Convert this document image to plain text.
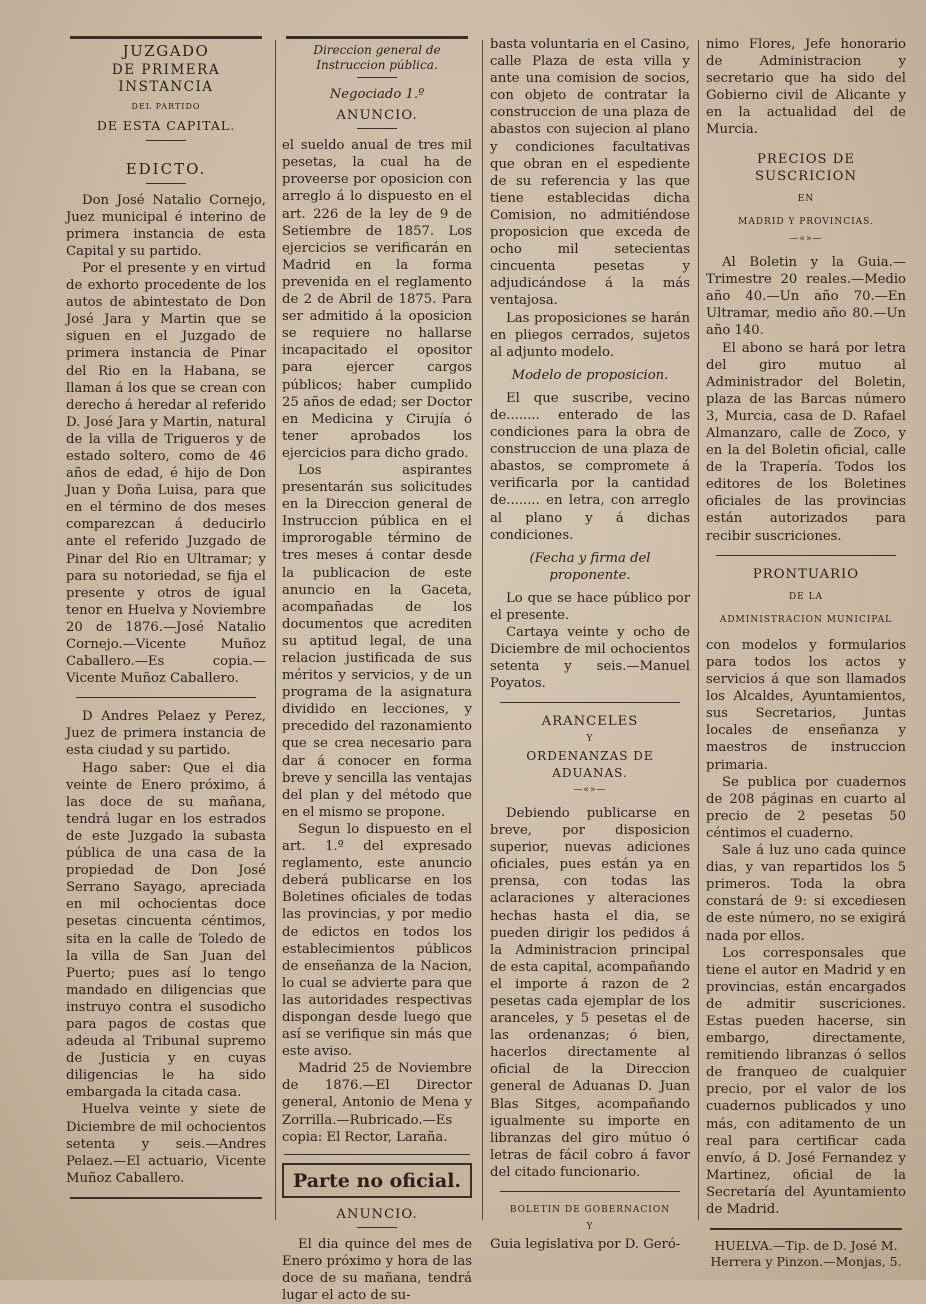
JUZGADO
DE PRIMERA INSTANCIA
DEL PARTIDO
DE ESTA CAPITAL.
EDICTO.

Don José Natalio Cornejo, Juez municipal é interino de primera instancia de esta Capital y su partido.

Por el presente y en virtud de exhorto procedente de los autos de abintestato de Don José Jara y Martin que se siguen en el Juzgado de primera instancia de Pinar del Rio en la Habana, se llaman á los que se crean con derecho á heredar al referido D. José Jara y Martin, natural de la villa de Trigueros y de estado soltero, como de 46 años de edad, é hijo de Don Juan y Doña Luisa, para que en el término de dos meses comparezcan á deducirlo ante el referido Juzgado de Pinar del Rio en Ultramar; y para su notoriedad, se fija el presente y otros de igual tenor en Huelva y Noviembre 20 de 1876.—José Natalio Cornejo.—Vicente Muñoz Caballero.—Es copia.—Vicente Muñoz Caballero.

D Andres Pelaez y Perez, Juez de primera instancia de esta ciudad y su partido.

Hago saber: Que el dia veinte de Enero próximo, á las doce de su mañana, tendrá lugar en los estrados de este Juzgado la subasta pública de una casa de la propiedad de Don José Serrano Sayago, apreciada en mil ochocientas doce pesetas cincuenta céntimos, sita en la calle de Toledo de la villa de San Juan del Puerto; pues así lo tengo mandado en diligencias que instruyo contra el susodicho para pagos de costas que adeuda al Tribunal supremo de Justicia y en cuyas diligencias le ha sido embargada la citada casa.

Huelva veinte y siete de Diciembre de mil ochocientos setenta y seis.—Andres Pelaez.—El actuario, Vicente Muñoz Caballero.

Direccion general de Instruccion pública.
Negociado 1.º
ANUNCIO.

el sueldo anual de tres mil pesetas, la cual ha de proveerse por oposicion con arreglo á lo dispuesto en el art. 226 de la ley de 9 de Setiembre de 1857. Los ejercicios se verificarán en Madrid en la forma prevenida en el reglamento de 2 de Abril de 1875. Para ser admitido á la oposicion se requiere no hallarse incapacitado el opositor para ejercer cargos públicos; haber cumplido 25 años de edad; ser Doctor en Medicina y Cirujía ó tener aprobados los ejercicios para dicho grado.

Los aspirantes presentarán sus solicitudes en la Direccion general de Instruccion pública en el improrogable término de tres meses á contar desde la publicacion de este anuncio en la Gaceta, acompañadas de los documentos que acrediten su aptitud legal, de una relacion justificada de sus méritos y servicios, y de un programa de la asignatura dividido en lecciones, y precedido del razonamiento que se crea necesario para dar á conocer en forma breve y sencilla las ventajas del plan y del método que en el mismo se propone.

Segun lo dispuesto en el art. 1.º del expresado reglamento, este anuncio deberá publicarse en los Boletines oficiales de todas las provincias, y por medio de edictos en todos los establecimientos públicos de enseñanza de la Nacion, lo cual se advierte para que las autoridades respectivas dispongan desde luego que así se verifique sin más que este aviso.

Madrid 25 de Noviembre de 1876.—El Director general, Antonio de Mena y Zorrilla.—Rubricado.—Es copia: El Rector, Laraña.

Parte no oficial.
ANUNCIO.

El dia quince del mes de Enero próximo y hora de las doce de su mañana, tendrá lugar el acto de su-

basta voluntaria en el Casino, calle Plaza de esta villa y ante una comision de socios, con objeto de contratar la construccion de una plaza de abastos con sujecion al plano y condiciones facultativas que obran en el espediente de su referencia y las que tiene establecidas dicha Comision, no admitiéndose proposicion que exceda de ocho mil setecientas cincuenta pesetas y adjudicándose á la más ventajosa.

Las proposiciones se harán en pliegos cerrados, sujetos al adjunto modelo.

Modelo de proposicion.

El que suscribe, vecino de........ enterado de las condiciones para la obra de construccion de una plaza de abastos, se compromete á verificarla por la cantidad de........ en letra, con arreglo al plano y á dichas condiciones.

(Fecha y firma del proponente.

Lo que se hace público por el presente.

Cartaya veinte y ocho de Diciembre de mil ochocientos setenta y seis.—Manuel Poyatos.

ARANCELES
Y
ORDENANZAS DE ADUANAS.
—«»—

Debiendo publicarse en breve, por disposicion superior, nuevas adiciones oficiales, pues están ya en prensa, con todas las aclaraciones y alteraciones hechas hasta el dia, se pueden dirigir los pedidos á la Administracion principal de esta capital, acompañando el importe á razon de 2 pesetas cada ejemplar de los aranceles, y 5 pesetas el de las ordenanzas; ó bien, hacerlos directamente al oficial de la Direccion general de Aduanas D. Juan Blas Sitges, acompañando igualmente su importe en libranzas del giro mútuo ó letras de fácil cobro á favor del citado funcionario.

BOLETIN DE GOBERNACION
Y

Guia legislativa por D. Geró-

nimo Flores, Jefe honorario de Administracion y secretario que ha sido del Gobierno civil de Alicante y en la actualidad del de Murcia.

PRECIOS DE SUSCRICION
EN
MADRID Y PROVINCIAS.
—«»—

Al Boletin y la Guia.—Trimestre 20 reales.—Medio año 40.—Un año 70.—En Ultramar, medio año 80.—Un año 140.

El abono se hará por letra del giro mutuo al Administrador del Boletin, plaza de las Barcas número 3, Murcia, casa de D. Rafael Almanzaro, calle de Zoco, y en la del Boletin oficial, calle de la Trapería. Todos los editores de los Boletines oficiales de las provincias están autorizados para recibir suscriciones.

PRONTUARIO
DE LA
ADMINISTRACION MUNICIPAL

con modelos y formularios para todos los actos y servicios á que son llamados los Alcaldes, Ayuntamientos, sus Secretarios, Juntas locales de enseñanza y maestros de instruccion primaria.

Se publica por cuadernos de 208 páginas en cuarto al precio de 2 pesetas 50 céntimos el cuaderno.

Sale á luz uno cada quince dias, y van repartidos los 5 primeros. Toda la obra constará de 9: si excediesen de este número, no se exigirá nada por ellos.

Los corresponsales que tiene el autor en Madrid y en provincias, están encargados de admitir suscriciones. Estas pueden hacerse, sin embargo, directamente, remitiendo libranzas ó sellos de franqueo de cualquier precio, por el valor de los cuadernos publicados y uno más, con aditamento de un real para certificar cada envío, á D. José Fernandez y Martinez, oficial de la Secretaría del Ayuntamiento de Madrid.

HUELVA.—Tip. de D. José M. Herrera y Pinzon.—Monjas, 5.
